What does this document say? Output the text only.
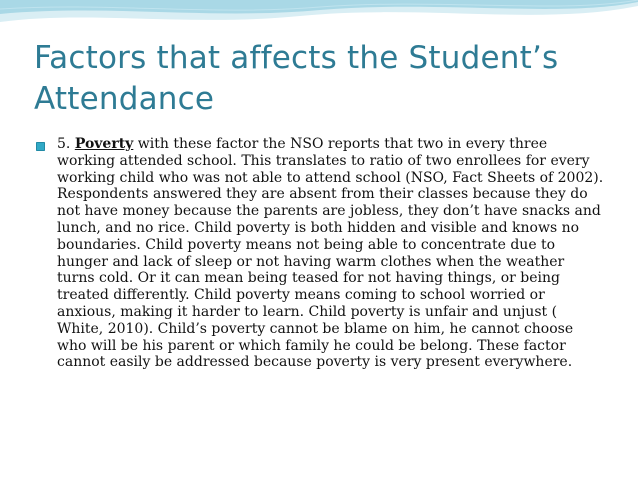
Factors that affects the Student’s Attendance
5. Poverty with these factor the NSO reports that two in every three working attended school. This translates to ratio of two enrollees for every working child who was not able to attend school (NSO, Fact Sheets of 2002). Respondents answered they are absent from their classes because they do not have money because the parents are jobless, they don’t have snacks and lunch, and no rice. Child poverty is both hidden and visible and knows no boundaries. Child poverty means not being able to concentrate due to hunger and lack of sleep or not having warm clothes when the weather turns cold. Or it can mean being teased for not having things, or being treated differently. Child poverty means coming to school worried or anxious, making it harder to learn. Child poverty is unfair and unjust ( White, 2010). Child’s poverty cannot be blame on him, he cannot choose who will be his parent or which family he could be belong. These factor cannot easily be addressed because poverty is very present everywhere.
